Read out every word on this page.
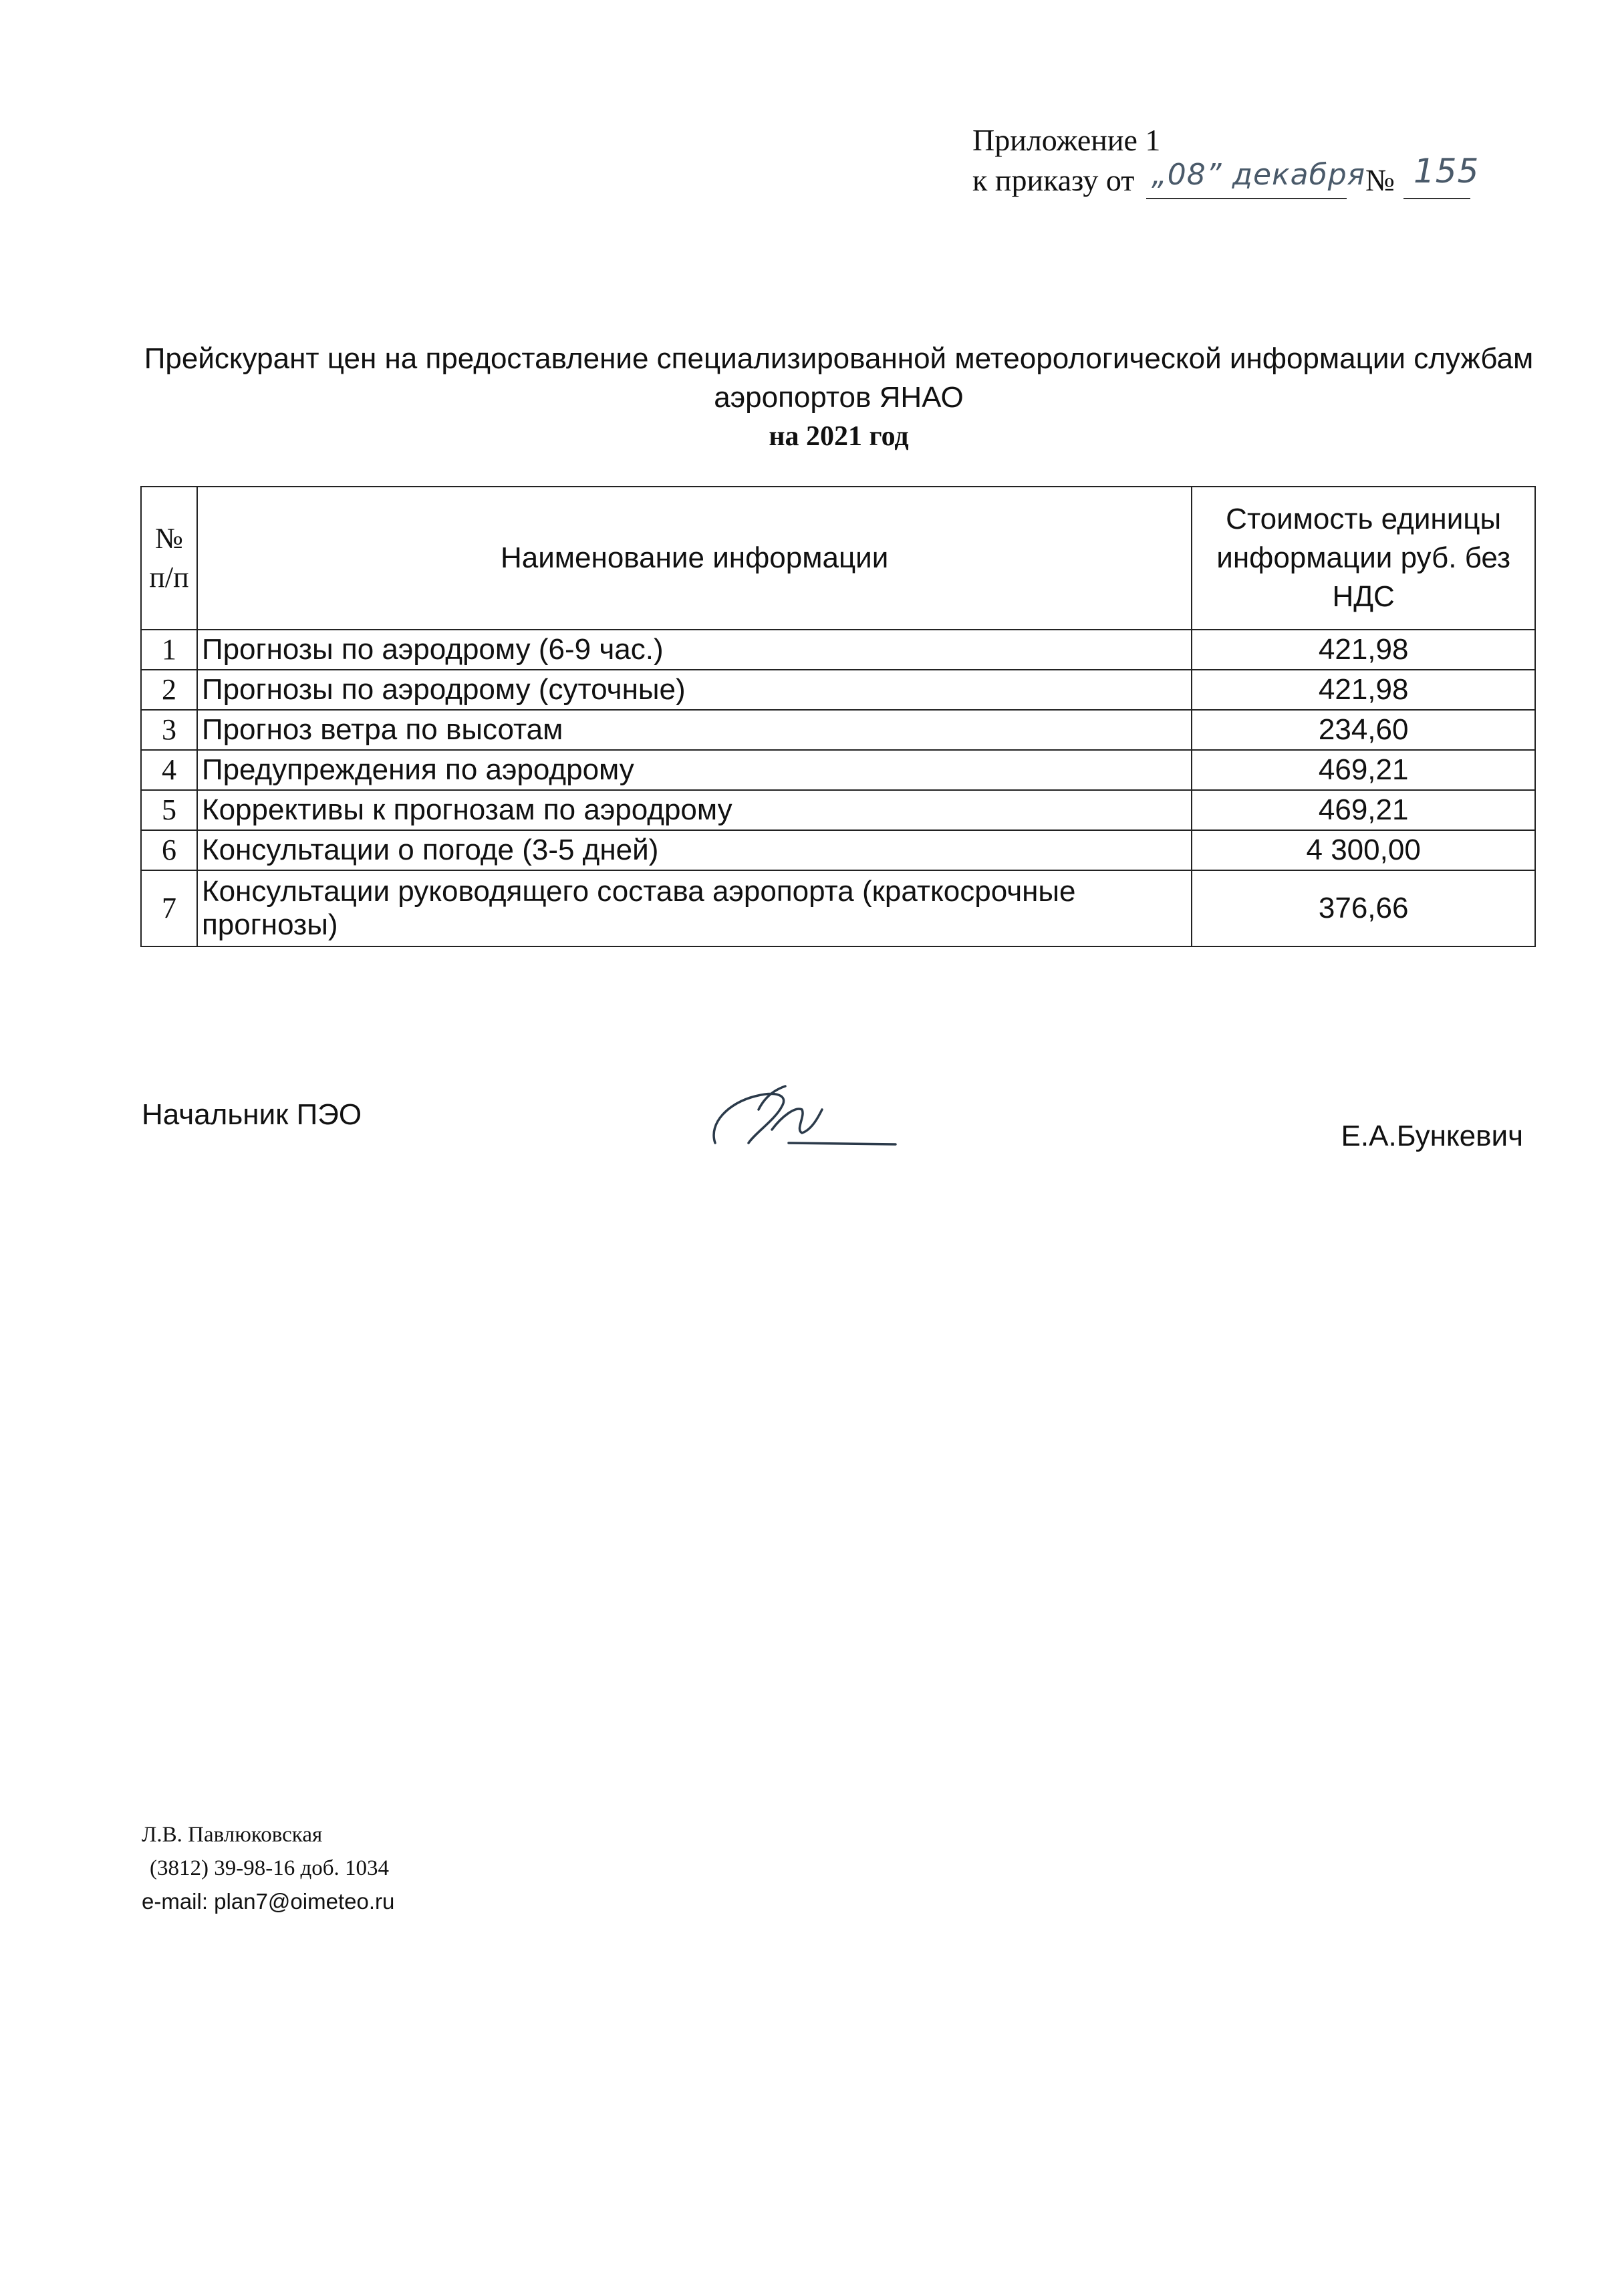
Приложение 1
к приказу от „08” декабря № 155
Прейскурант цен на предоставление специализированной метеорологической информации службам
аэропортов ЯНАО
на 2021 год
№ п/п	Наименование информации	Стоимость единицы информации руб. без НДС
1	Прогнозы по аэродрому (6-9 час.)	421,98
2	Прогнозы по аэродрому (суточные)	421,98
3	Прогноз ветра по высотам	234,60
4	Предупреждения по аэродрому	469,21
5	Коррективы к прогнозам по аэродрому	469,21
6	Консультации о погоде (3-5 дней)	4 300,00
7	Консультации руководящего состава аэропорта (краткосрочные прогнозы)	376,66
Начальник ПЭО
Е.А.Бункевич
Л.В. Павлюковская
(3812) 39-98-16 доб. 1034
e-mail: plan7@oimeteo.ru
